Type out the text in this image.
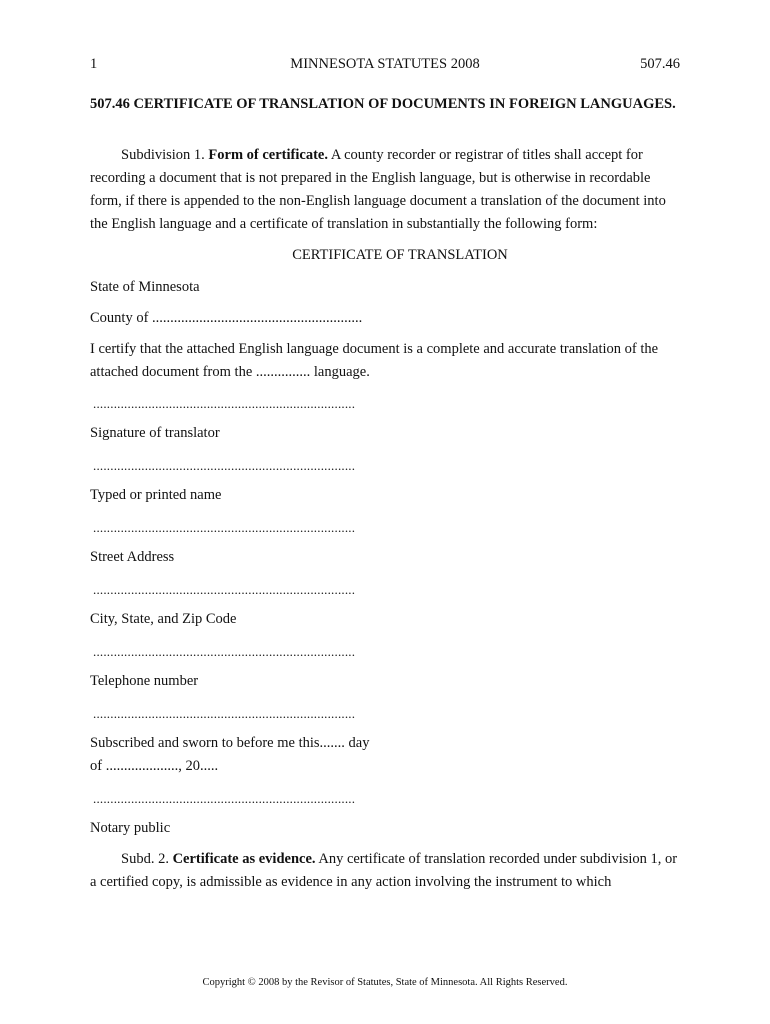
1	MINNESOTA STATUTES 2008	507.46
507.46 CERTIFICATE OF TRANSLATION OF DOCUMENTS IN FOREIGN LANGUAGES.
Subdivision 1. Form of certificate. A county recorder or registrar of titles shall accept for recording a document that is not prepared in the English language, but is otherwise in recordable form, if there is appended to the non-English language document a translation of the document into the English language and a certificate of translation in substantially the following form:
CERTIFICATE OF TRANSLATION
State of Minnesota
County of ..........................................................
I certify that the attached English language document is a complete and accurate translation of the attached document from the ............... language.
............................................................................
Signature of translator
............................................................................
Typed or printed name
............................................................................
Street Address
............................................................................
City, State, and Zip Code
............................................................................
Telephone number
............................................................................
Subscribed and sworn to before me this....... day
of ...................., 20.....
............................................................................
Notary public
Subd. 2. Certificate as evidence. Any certificate of translation recorded under subdivision 1, or a certified copy, is admissible as evidence in any action involving the instrument to which
Copyright © 2008 by the Revisor of Statutes, State of Minnesota. All Rights Reserved.
